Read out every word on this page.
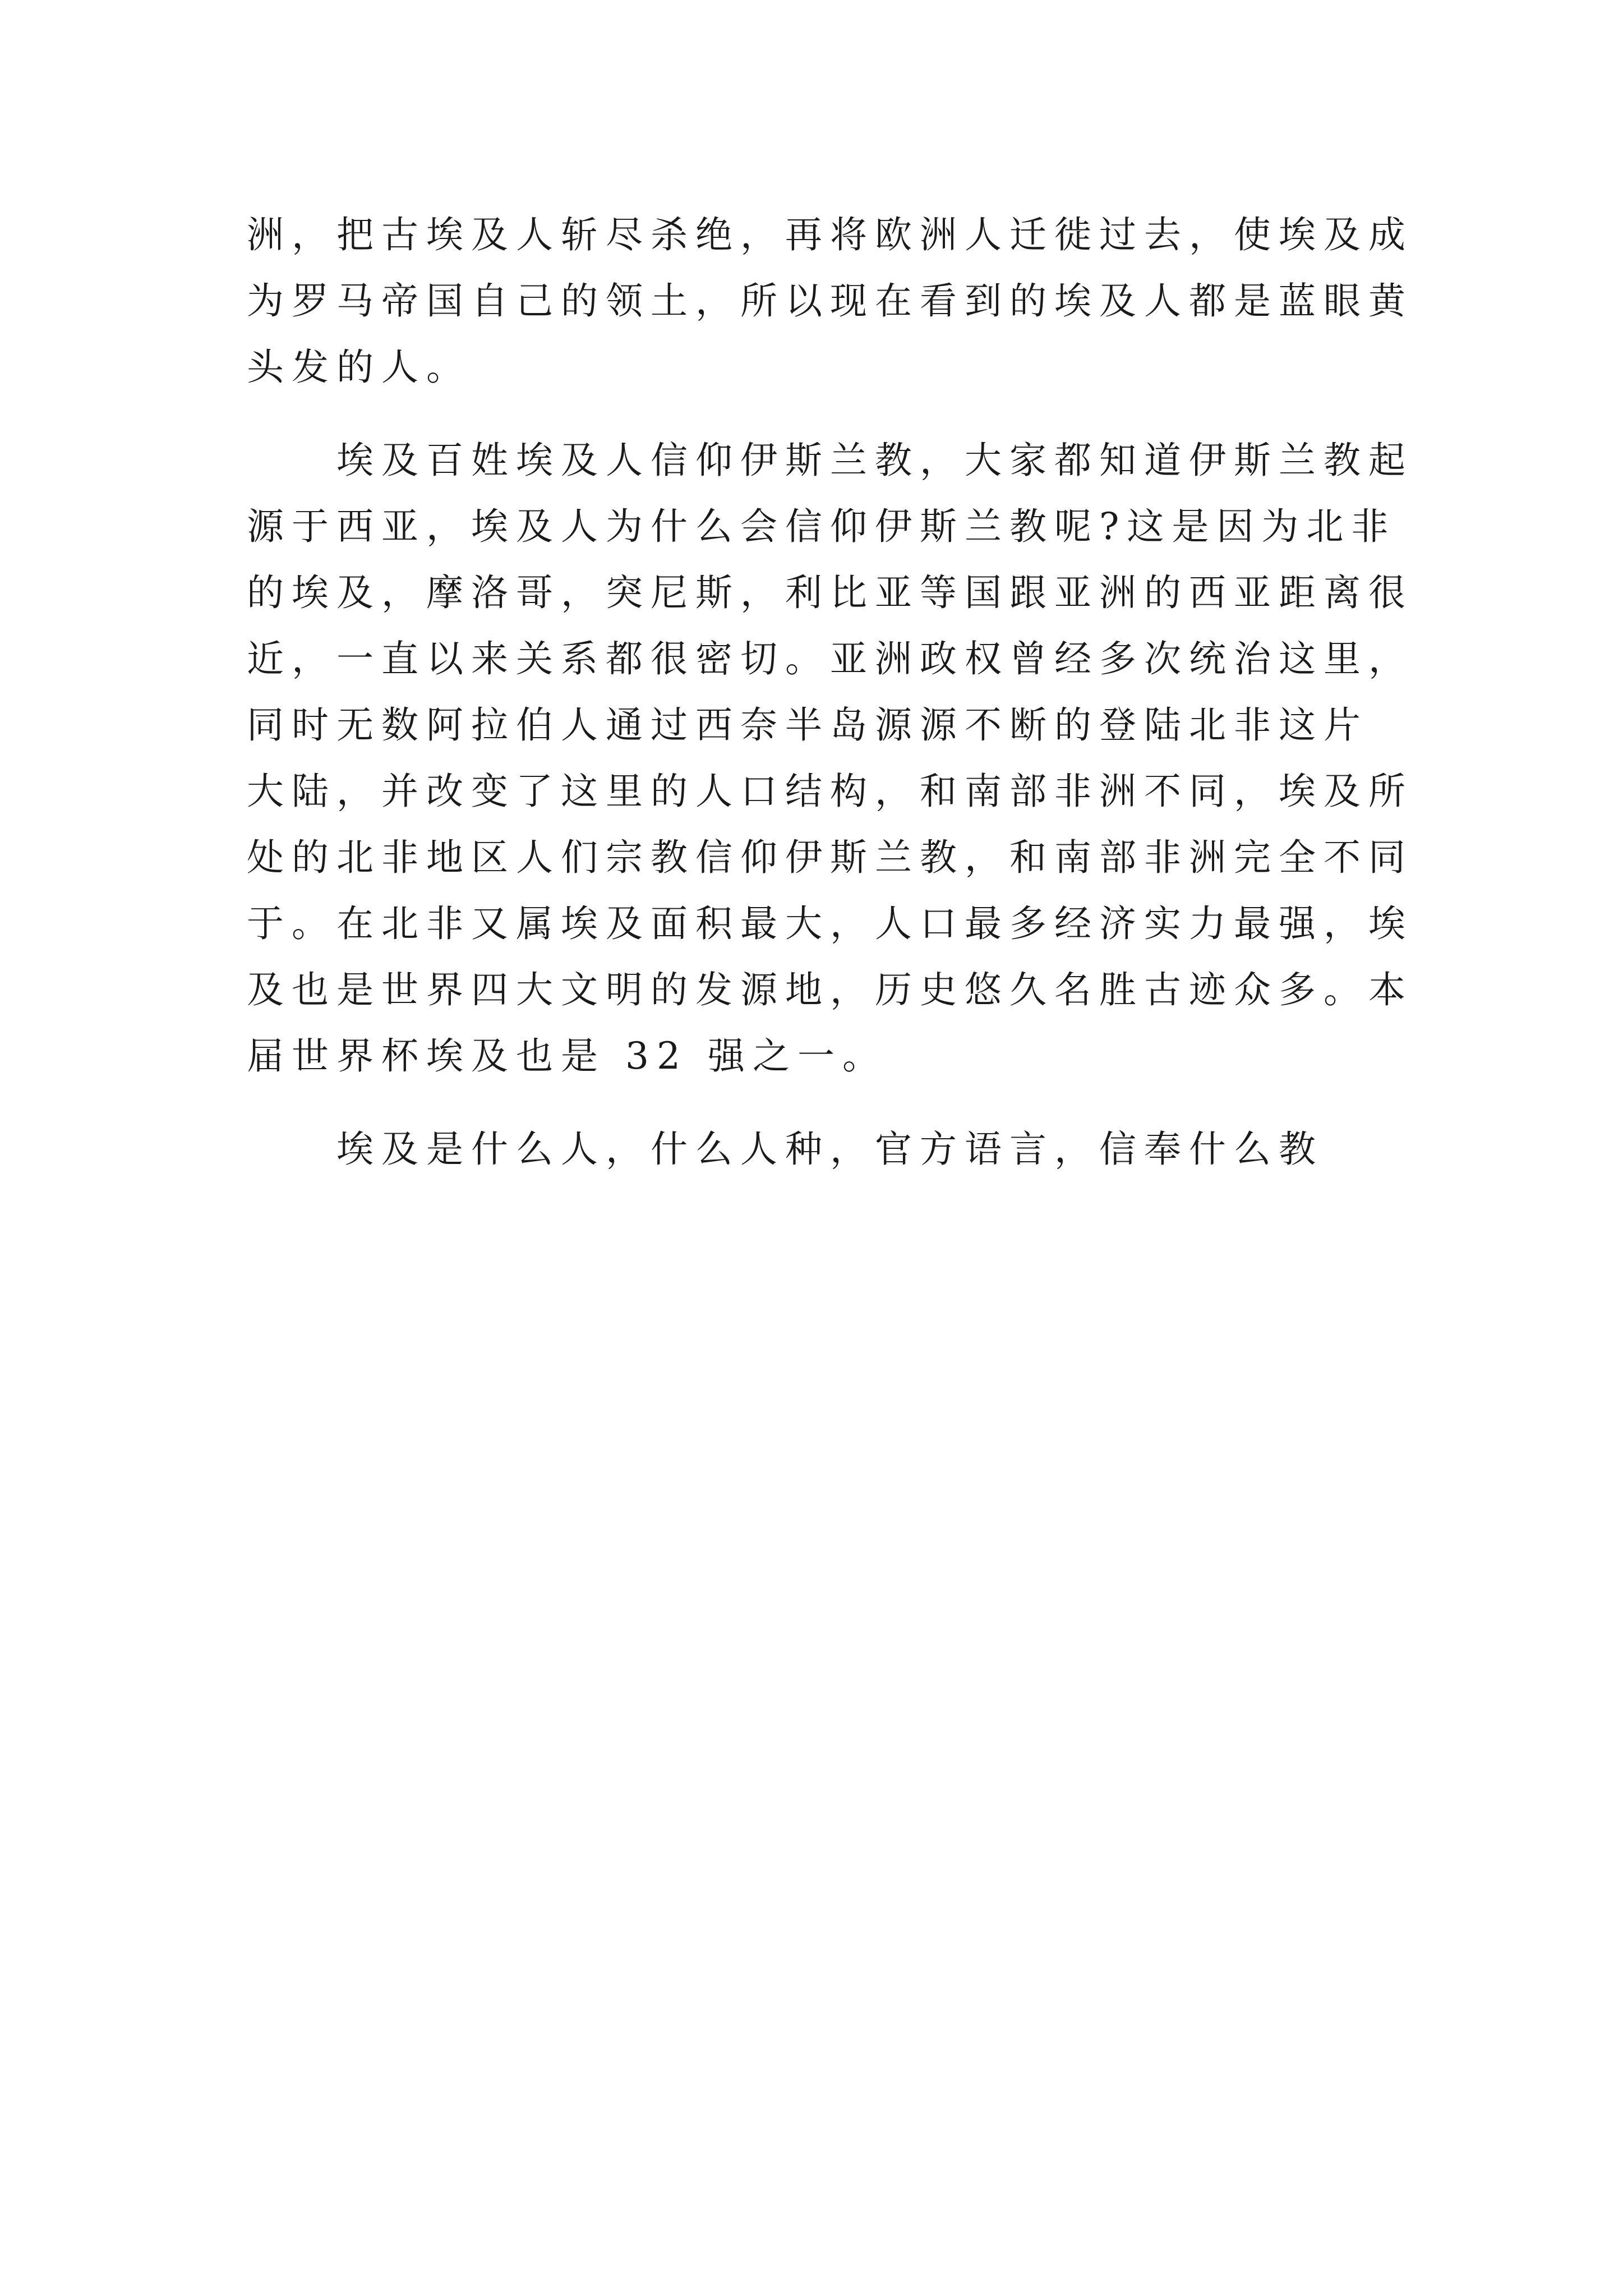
洲，把古埃及人斩尽杀绝，再将欧洲人迁徙过去，使埃及成
为罗马帝国自己的领土，所以现在看到的埃及人都是蓝眼黄
头发的人。
埃及百姓埃及人信仰伊斯兰教，大家都知道伊斯兰教起
源于西亚，埃及人为什么会信仰伊斯兰教呢?这是因为北非
的埃及，摩洛哥，突尼斯，利比亚等国跟亚洲的西亚距离很
近，一直以来关系都很密切。亚洲政权曾经多次统治这里，
同时无数阿拉伯人通过西奈半岛源源不断的登陆北非这片
大陆，并改变了这里的人口结构，和南部非洲不同，埃及所
处的北非地区人们宗教信仰伊斯兰教，和南部非洲完全不同
于。在北非又属埃及面积最大，人口最多经济实力最强，埃
及也是世界四大文明的发源地，历史悠久名胜古迹众多。本
届世界杯埃及也是 32 强之一。
埃及是什么人，什么人种，官方语言，信奉什么教
